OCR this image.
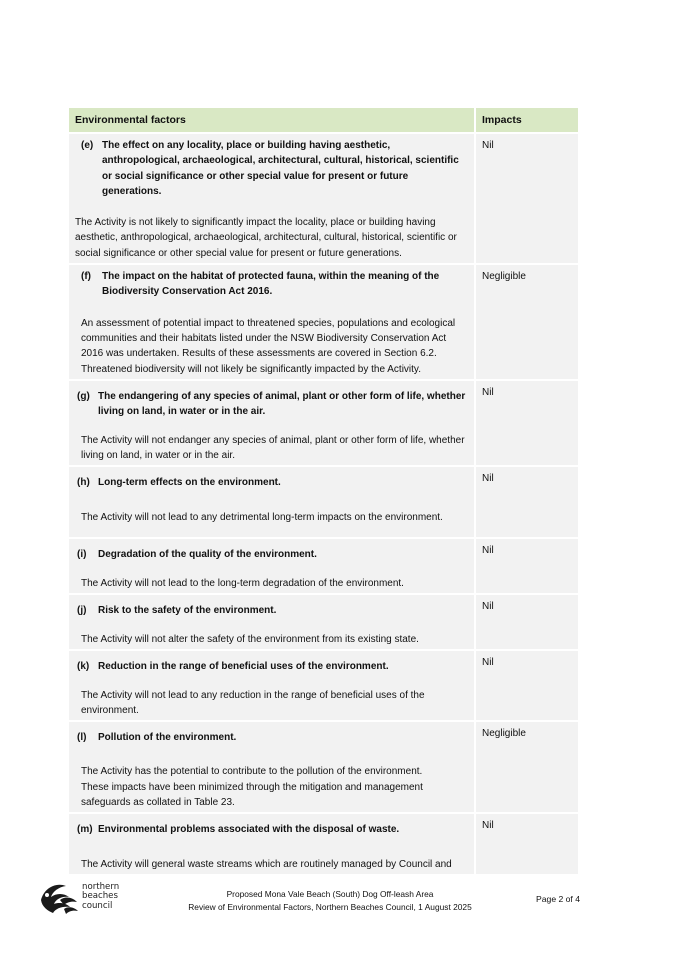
Environmental factors	Impacts

(e) The effect on any locality, place or building having aesthetic, anthropological, archaeological, architectural, cultural, historical, scientific or social significance or other special value for present or future generations.

The Activity is not likely to significantly impact the locality, place or building having aesthetic, anthropological, archaeological, architectural, cultural, historical, scientific or social significance or other special value for present or future generations.	Nil

(f) The impact on the habitat of protected fauna, within the meaning of the Biodiversity Conservation Act 2016.

An assessment of potential impact to threatened species, populations and ecological communities and their habitats listed under the NSW Biodiversity Conservation Act 2016 was undertaken. Results of these assessments are covered in Section 6.2. Threatened biodiversity will not likely be significantly impacted by the Activity.	Negligible

(g) The endangering of any species of animal, plant or other form of life, whether living on land, in water or in the air.

The Activity will not endanger any species of animal, plant or other form of life, whether living on land, in water or in the air.	Nil

(h) Long-term effects on the environment.

The Activity will not lead to any detrimental long-term impacts on the environment.	Nil

(i) Degradation of the quality of the environment.

The Activity will not lead to the long-term degradation of the environment.	Nil

(j) Risk to the safety of the environment.

The Activity will not alter the safety of the environment from its existing state.	Nil

(k) Reduction in the range of beneficial uses of the environment.

The Activity will not lead to any reduction in the range of beneficial uses of the environment.	Nil

(l) Pollution of the environment.

The Activity has the potential to contribute to the pollution of the environment. These impacts have been minimized through the mitigation and management safeguards as collated in Table 23.	Negligible

(m) Environmental problems associated with the disposal of waste.

The Activity will general waste streams which are routinely managed by Council and	Nil
northern
beaches
council
Proposed Mona Vale Beach (South) Dog Off-leash Area
Review of Environmental Factors, Northern Beaches Council, 1 August 2025
Page 2 of 4
